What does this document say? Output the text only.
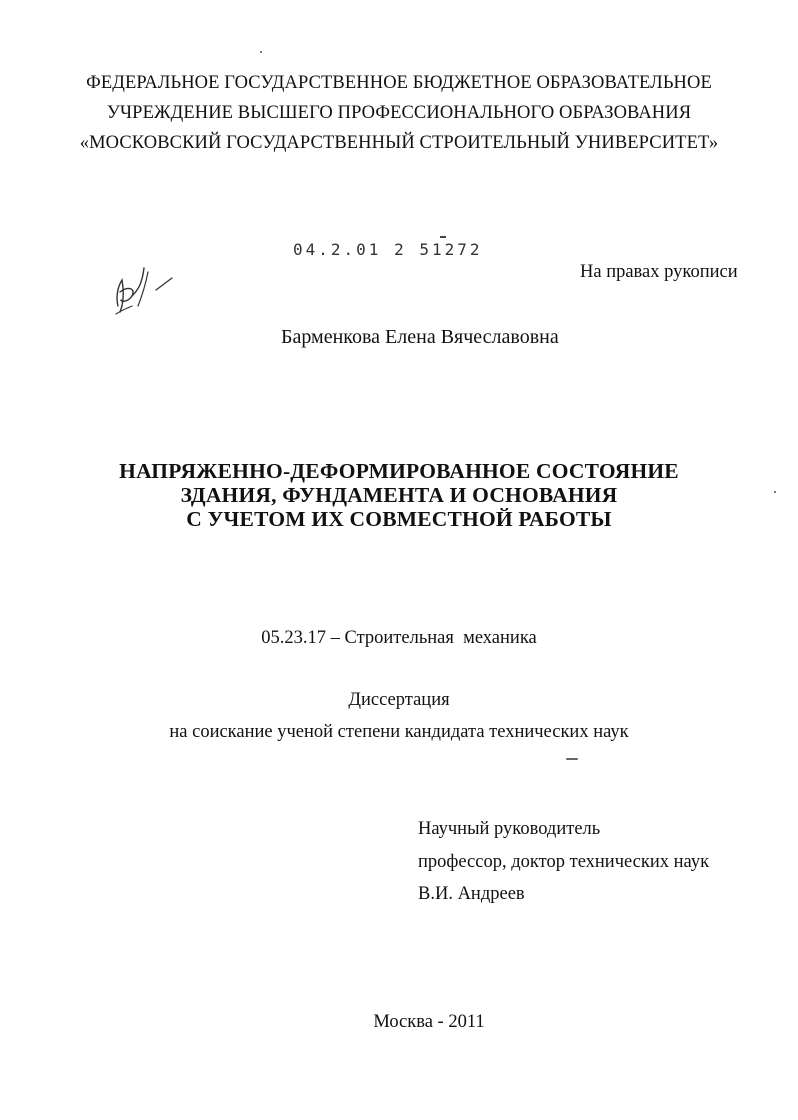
ФЕДЕРАЛЬНОЕ ГОСУДАРСТВЕННОЕ БЮДЖЕТНОЕ ОБРАЗОВАТЕЛЬНОЕ
УЧРЕЖДЕНИЕ ВЫСШЕГО ПРОФЕССИОНАЛЬНОГО ОБРАЗОВАНИЯ
«МОСКОВСКИЙ ГОСУДАРСТВЕННЫЙ СТРОИТЕЛЬНЫЙ УНИВЕРСИТЕТ»
04.2.01 2 51272
На правах рукописи
Барменкова Елена Вячеславовна
НАПРЯЖЕННО-ДЕФОРМИРОВАННОЕ СОСТОЯНИЕ
ЗДАНИЯ, ФУНДАМЕНТА И ОСНОВАНИЯ
С УЧЕТОМ ИХ СОВМЕСТНОЙ РАБОТЫ
05.23.17 – Строительная  механика
Диссертация
на соискание ученой степени кандидата технических наук
Научный руководитель
профессор, доктор технических наук
В.И. Андреев
Москва - 2011
